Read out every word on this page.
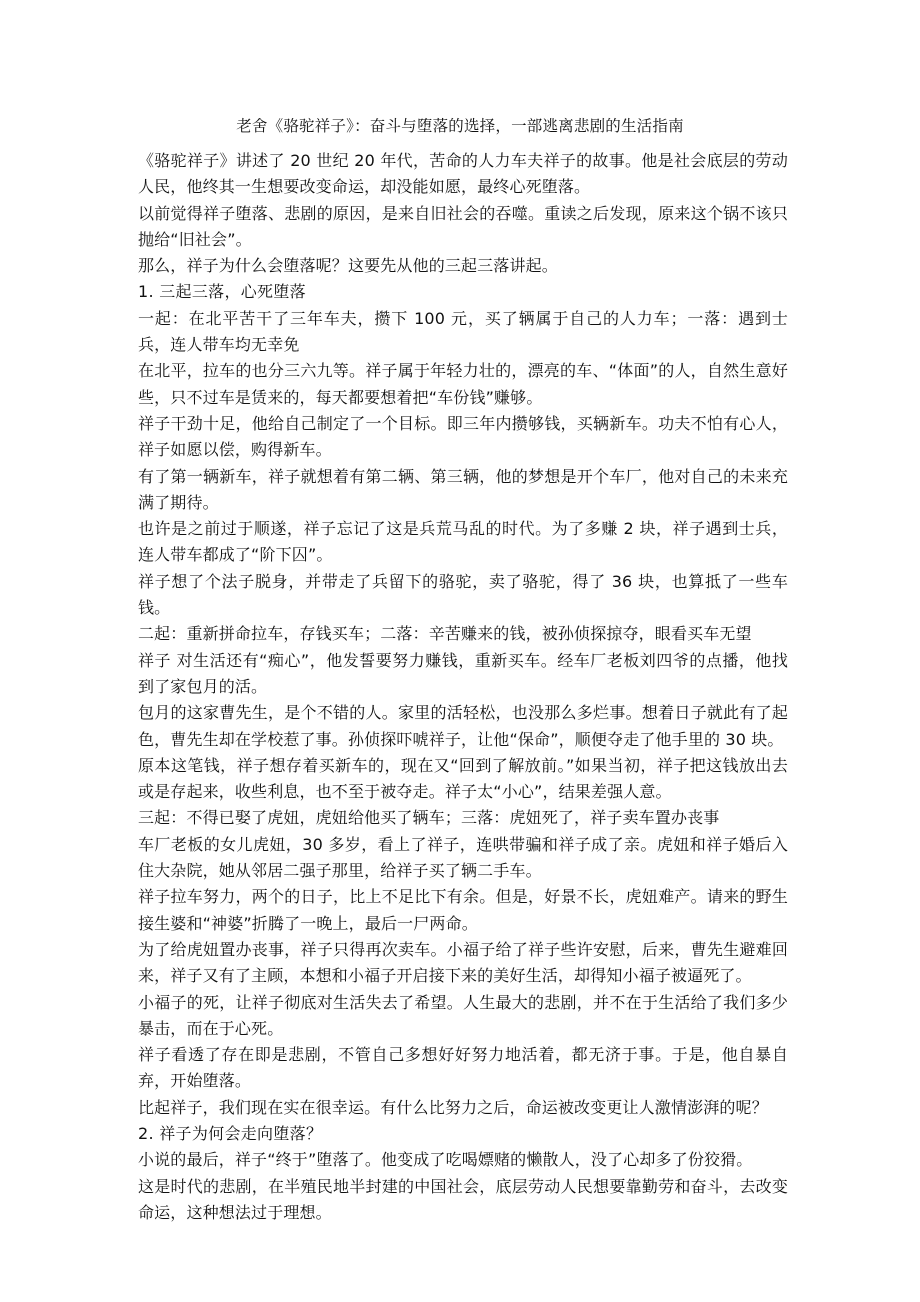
老舍《骆驼祥子》：奋斗与堕落的选择，一部逃离悲剧的生活指南

《骆驼祥子》讲述了 20 世纪 20 年代，苦命的人力车夫祥子的故事。他是社会底层的劳动人民，他终其一生想要改变命运，却没能如愿，最终心死堕落。

以前觉得祥子堕落、悲剧的原因，是来自旧社会的吞噬。重读之后发现，原来这个锅不该只抛给“旧社会”。

那么，祥子为什么会堕落呢？这要先从他的三起三落讲起。

1. 三起三落，心死堕落

一起：在北平苦干了三年车夫，攒下 100 元，买了辆属于自己的人力车；一落：遇到士兵，连人带车均无幸免

在北平，拉车的也分三六九等。祥子属于年轻力壮的，漂亮的车、“体面”的人，自然生意好些，只不过车是赁来的，每天都要想着把“车份钱”赚够。

祥子干劲十足，他给自己制定了一个目标。即三年内攒够钱，买辆新车。功夫不怕有心人，祥子如愿以偿，购得新车。

有了第一辆新车，祥子就想着有第二辆、第三辆，他的梦想是开个车厂，他对自己的未来充满了期待。

也许是之前过于顺遂，祥子忘记了这是兵荒马乱的时代。为了多赚 2 块，祥子遇到士兵，连人带车都成了“阶下囚”。

祥子想了个法子脱身，并带走了兵留下的骆驼，卖了骆驼，得了 36 块，也算抵了一些车钱。

二起：重新拼命拉车，存钱买车；二落：辛苦赚来的钱，被孙侦探掠夺，眼看买车无望

祥子 对生活还有“痴心”，他发誓要努力赚钱，重新买车。经车厂老板刘四爷的点播，他找到了家包月的活。

包月的这家曹先生，是个不错的人。家里的活轻松，也没那么多烂事。想着日子就此有了起色，曹先生却在学校惹了事。孙侦探吓唬祥子，让他“保命”，顺便夺走了他手里的 30 块。

原本这笔钱，祥子想存着买新车的，现在又“回到了解放前。”如果当初，祥子把这钱放出去或是存起来，收些利息，也不至于被夺走。祥子太“小心”，结果差强人意。

三起：不得已娶了虎妞，虎妞给他买了辆车；三落：虎妞死了，祥子卖车置办丧事

车厂老板的女儿虎妞，30 多岁，看上了祥子，连哄带骗和祥子成了亲。虎妞和祥子婚后入住大杂院，她从邻居二强子那里，给祥子买了辆二手车。

祥子拉车努力，两个的日子，比上不足比下有余。但是，好景不长，虎妞难产。请来的野生接生婆和“神婆”折腾了一晚上，最后一尸两命。

为了给虎妞置办丧事，祥子只得再次卖车。小福子给了祥子些许安慰，后来，曹先生避难回来，祥子又有了主顾，本想和小福子开启接下来的美好生活，却得知小福子被逼死了。

小福子的死，让祥子彻底对生活失去了希望。人生最大的悲剧，并不在于生活给了我们多少暴击，而在于心死。

祥子看透了存在即是悲剧，不管自己多想好好努力地活着，都无济于事。于是，他自暴自弃，开始堕落。

比起祥子，我们现在实在很幸运。有什么比努力之后，命运被改变更让人激情澎湃的呢？

2. 祥子为何会走向堕落？

小说的最后，祥子“终于”堕落了。他变成了吃喝嫖赌的懒散人，没了心却多了份狡猾。

这是时代的悲剧，在半殖民地半封建的中国社会，底层劳动人民想要靠勤劳和奋斗，去改变命运，这种想法过于理想。
